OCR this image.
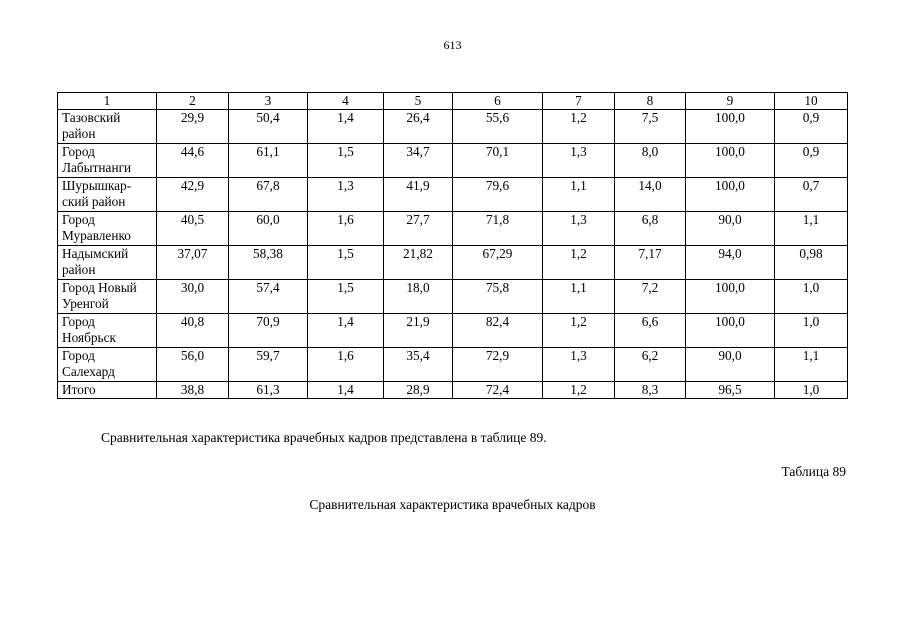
613
1	2	3	4	5	6	7	8	9	10

Тазовский
район	29,9	50,4	1,4	26,4	55,6	1,2	7,5	100,0	0,9

Город
Лабытнанги	44,6	61,1	1,5	34,7	70,1	1,3	8,0	100,0	0,9

Шурышкар-
ский район	42,9	67,8	1,3	41,9	79,6	1,1	14,0	100,0	0,7

Город
Муравленко	40,5	60,0	1,6	27,7	71,8	1,3	6,8	90,0	1,1

Надымский
район	37,07	58,38	1,5	21,82	67,29	1,2	7,17	94,0	0,98

Город Новый
Уренгой	30,0	57,4	1,5	18,0	75,8	1,1	7,2	100,0	1,0

Город
Ноябрьск	40,8	70,9	1,4	21,9	82,4	1,2	6,6	100,0	1,0

Город
Салехард	56,0	59,7	1,6	35,4	72,9	1,3	6,2	90,0	1,1
Итого	38,8	61,3	1,4	28,9	72,4	1,2	8,3	96,5	1,0
Сравнительная характеристика врачебных кадров представлена в таблице 89.
Таблица 89
Сравнительная характеристика врачебных кадров
